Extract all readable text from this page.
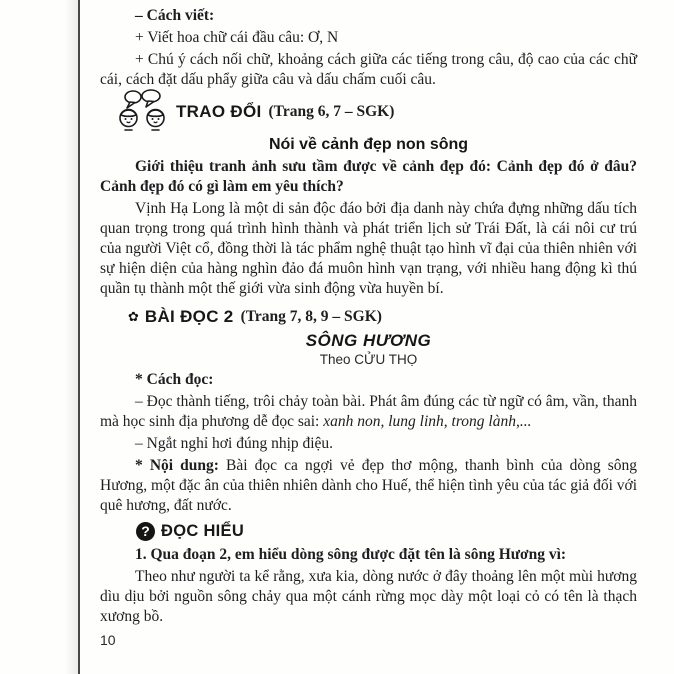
– Cách viết:

+ Viết hoa chữ cái đầu câu: Ơ, N

+ Chú ý cách nối chữ, khoảng cách giữa các tiếng trong câu, độ cao của các chữ cái, cách đặt dấu phẩy giữa câu và dấu chấm cuối câu.

TRAO ĐỔI (Trang 6, 7 – SGK)
Nói về cảnh đẹp non sông

Giới thiệu tranh ảnh sưu tầm được về cảnh đẹp đó: Cảnh đẹp đó ở đâu? Cảnh đẹp đó có gì làm em yêu thích?

Vịnh Hạ Long là một di sản độc đáo bởi địa danh này chứa đựng những dấu tích quan trọng trong quá trình hình thành và phát triển lịch sử Trái Đất, là cái nôi cư trú của người Việt cổ, đồng thời là tác phẩm nghệ thuật tạo hình vĩ đại của thiên nhiên với sự hiện diện của hàng nghìn đảo đá muôn hình vạn trạng, với nhiều hang động kì thú quần tụ thành một thế giới vừa sinh động vừa huyền bí.

✿ BÀI ĐỌC 2 (Trang 7, 8, 9 – SGK)
SÔNG HƯƠNG
Theo CỬU THỌ

* Cách đọc:

– Đọc thành tiếng, trôi chảy toàn bài. Phát âm đúng các từ ngữ có âm, vần, thanh mà học sinh địa phương dễ đọc sai: xanh non, lung linh, trong lành,...

– Ngắt nghỉ hơi đúng nhịp điệu.

* Nội dung: Bài đọc ca ngợi vẻ đẹp thơ mộng, thanh bình của dòng sông Hương, một đặc ân của thiên nhiên dành cho Huế, thể hiện tình yêu của tác giả đối với quê hương, đất nước.

? ĐỌC HIỂU

1. Qua đoạn 2, em hiểu dòng sông được đặt tên là sông Hương vì:

Theo như người ta kể rằng, xưa kia, dòng nước ở đây thoảng lên một mùi hương dìu dịu bởi nguồn sông chảy qua một cánh rừng mọc dày một loại cỏ có tên là thạch xương bồ.

10
